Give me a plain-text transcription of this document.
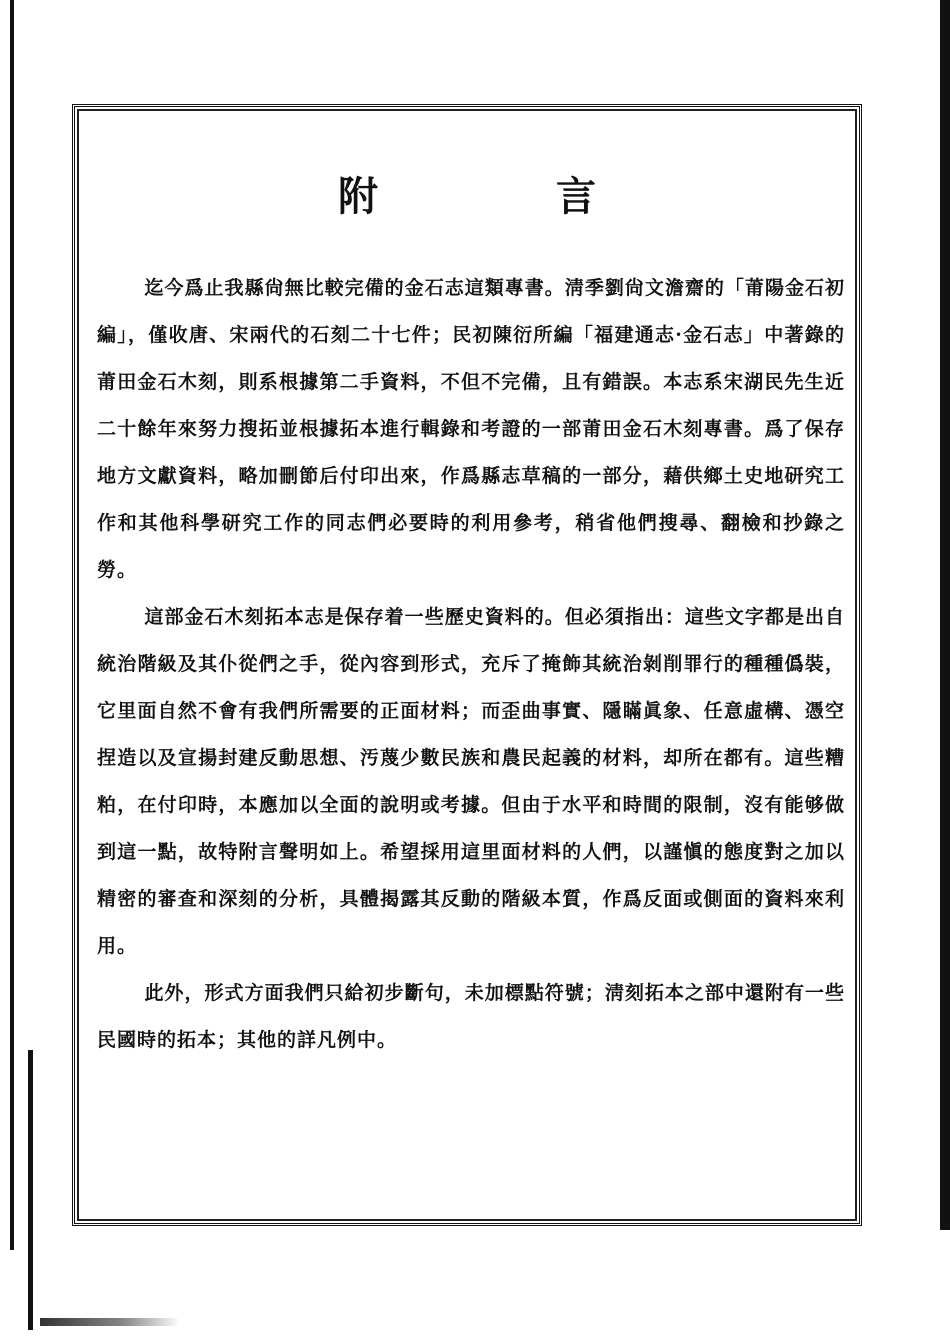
附 言

迄今爲止我縣尙無比較完備的金石志這類專書。淸季劉尙文澹齋的「莆陽金石初編」，僅收唐、宋兩代的石刻二十七件；民初陳衍所編「福建通志·金石志」中著錄的莆田金石木刻，則系根據第二手資料，不但不完備，且有錯誤。本志系宋湖民先生近二十餘年來努力搜拓並根據拓本進行輯錄和考證的一部莆田金石木刻專書。爲了保存地方文獻資料，略加刪節后付印出來，作爲縣志草稿的一部分，藉供鄉土史地研究工作和其他科學研究工作的同志們必要時的利用參考，稍省他們搜尋、翻檢和抄錄之勞。

這部金石木刻拓本志是保存着一些歷史資料的。但必須指出：這些文字都是出自統治階級及其仆從們之手，從內容到形式，充斥了掩飾其統治剝削罪行的種種僞裝，它里面自然不會有我們所需要的正面材料；而歪曲事實、隱瞞眞象、任意虛構、憑空捏造以及宣揚封建反動思想、汚蔑少數民族和農民起義的材料，却所在都有。這些糟粕，在付印時，本應加以全面的說明或考據。但由于水平和時間的限制，沒有能够做到這一點，故特附言聲明如上。希望採用這里面材料的人們，以謹愼的態度對之加以精密的審查和深刻的分析，具體揭露其反動的階級本質，作爲反面或側面的資料來利用。

此外，形式方面我們只給初步斷句，未加標點符號；淸刻拓本之部中還附有一些民國時的拓本；其他的詳凡例中。
